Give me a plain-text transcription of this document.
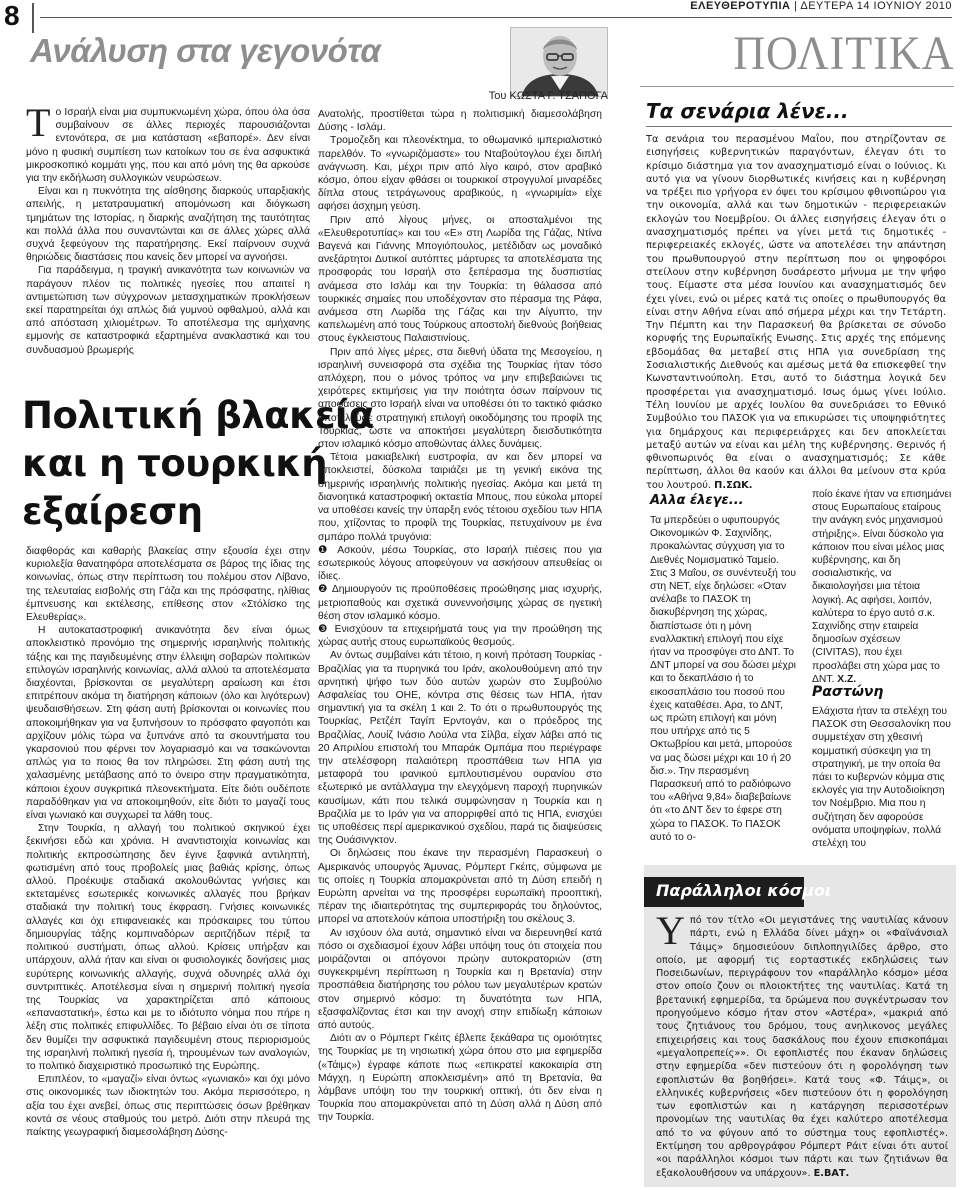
8	ΕΛΕΥΘΕΡΟΤΥΠΙΑ | ΔΕΥΤΕΡΑ 14 ΙΟΥΝΙΟΥ 2010
Ανάλυση στα γεγονότα	ΠΟΛΙΤΙΚΑ
Του ΚΩΣΤΑ Γ. ΤΣΑΠΟΓΑ
Τ ο Ισραήλ είναι μια συμπυκνωμένη χώρα, όπου όλα όσα συμβαίνουν σε άλλες περιοχές παρουσιάζονται εντονότερα, σε μια κατάσταση «εβαπορέ». Δεν είναι μόνο η φυσική συμπίεση των κατοίκων του σε ένα ασφυκτικά μικροσκοπικό κομμάτι γης, που και από μόνη της θα αρκούσε για την εκδήλωση συλλογικών νευρώσεων.

Είναι και η πυκνότητα της αίσθησης διαρκούς υπαρξιακής απειλής, η μετατραυματική απομόνωση και διόγκωση τμημάτων της Ιστορίας, η διαρκής αναζήτηση της ταυτότητας και πολλά άλλα που συναντώνται και σε άλλες χώρες αλλά συχνά ξεφεύγουν της παρατήρησης. Εκεί παίρνουν συχνά θηριώδεις διαστάσεις που κανείς δεν μπορεί να αγνοήσει.

Για παράδειγμα, η τραγική ανικανότητα των κοινωνιών να παράγουν πλέον τις πολιτικές ηγεσίες που απαιτεί η αντιμετώπιση των σύγχρονων μετασχηματικών προκλήσεων εκεί παρατηρείται όχι απλώς διά γυμνού οφθαλμού, αλλά και από απόσταση χιλιομέτρων. Το αποτέλεσμα της αμήχανης εμμονής σε καταστροφικά εξαρτημένα ανακλαστικά και του συνδυασμού βρωμερής

Πολιτική βλακεία
και η τουρκική
εξαίρεση

διαφθοράς και καθαρής βλακείας στην εξουσία έχει στην κυριολεξία θανατηφόρα αποτελέσματα σε βάρος της ίδιας της κοινωνίας, όπως στην περίπτωση του πολέμου στον Λίβανο, της τελευταίας εισβολής στη Γάζα και της πρόσφατης, ηλίθιας έμπνευσης και εκτέλεσης, επίθεσης στον «Στόλίσκο της Ελευθερίας».

Η αυτοκαταστροφική ανικανότητα δεν είναι όμως αποκλειστικό προνόμιο της σημερινής ισραηλινής πολιτικής τάξης και της παγιδευμένης στην έλλειψη σοβαρών πολιτικών επιλογών ισραηλινής κοινωνίας, αλλά αλλού τα αποτελέσματα διαχέονται, βρίσκονται σε μεγαλύτερη αραίωση και έτσι επιτρέπουν ακόμα τη διατήρηση κάποιων (όλο και λιγότερων) ψευδαισθήσεων. Στη φάση αυτή βρίσκονται οι κοινωνίες που αποκοιμήθηκαν για να ξυπνήσουν το πρόσφατο φαγοπότι και αρχίζουν μόλις τώρα να ξυπνάνε από τα σκουντήματα του γκαρσονιού που φέρνει τον λογαριασμό και να τσακώνονται απλώς για το ποιος θα τον πληρώσει. Στη φάση αυτή της χαλασμένης μετάβασης από το όνειρο στην πραγματικότητα, κάποιοι έχουν συγκριτικά πλεονεκτήματα. Είτε διότι ουδέποτε παραδόθηκαν για να αποκοιμηθούν, είτε διότι το μαγαζί τους είναι γωνιακό και συγχωρεί τα λάθη τους.

Στην Τουρκία, η αλλαγή του πολιτικού σκηνικού έχει ξεκινήσει εδώ και χρόνια. Η αναντιστοιχία κοινωνίας και πολιτικής εκπροσώπησης δεν έγινε ξαφνικά αντιληπτή, φωτισμένη από τους προβολείς μιας βαθιάς κρίσης, όπως αλλού. Προέκυψε σταδιακά ακολουθώντας γνήσιες και εκτεταμένες εσωτερικές κοινωνικές αλλαγές που βρήκαν σταδιακά την πολιτική τους έκφραση. Γνήσιες κοινωνικές αλλαγές και όχι επιφανειακές και πρόσκαιρες του τύπου δημιουργίας τάξης κομπιναδόρων αεριτζήδων πέριξ τα πολιτικού συστήματι, όπως αλλού. Κρίσεις υπήρξαν και υπάρχουν, αλλά ήταν και είναι οι φυσιολογικές δονήσεις μιας ευρύτερης κοινωνικής αλλαγής, συχνά οδυνηρές αλλά όχι συντριπτικές. Αποτέλεσμα είναι η σημερινή πολιτική ηγεσία της Τουρκίας να χαρακτηρίζεται από κάποιους «επαναστατική», έστω και με το ιδιότυπο νόημα που πήρε η λέξη στις πολιτικές επιφυλλίδες. Το βέβαιο είναι ότι σε τίποτα δεν θυμίζει την ασφυκτικά παγιδευμένη στους περιορισμούς της ισραηλινή πολιτική ηγεσία ή, τηρουμένων των αναλογιών, το πολιτικό διαχειριστικό προσωπικό της Ευρώπης.

Επιπλέον, το «μαγαζί» είναι όντως «γωνιακό» και όχι μόνο στις οικονομικές των ιδιοκτητών του. Ακόμα περισσότερο, η αξία του έχει ανεβεί, όπως στις περιπτώσεις όσων βρέθηκαν κοντά σε νέους σταθμούς του μετρό. Διότι στην πλευρά της παίκτης γεωγραφική διαμεσολάβηση Δύσης-

Ανατολής, προστίθεται τώρα η πολιτισμική διαμεσολάβηση Δύσης - Ισλάμ.

Τρομοζεδη και πλεονέκτημα, το οθωμανικό ιμπεριαλιστικό παρελθόν. Το «γνωριζόμαστε» του Νταβούτογλου έχει διπλή ανάγνωση. Και, μέχρι πριν από λίγο καιρό, στον αραβικό κόσμο, όπου είχαν φθάσει οι τουρκικοί στρογγυλοί μιναρέδες δίπλα στους τετράγωνους αραβικούς, η «γνωριμία» είχε αφήσει άσχημη γεύση.

Πριν από λίγους μήνες, οι αποσταλμένοι της «Ελευθεροτυπίας» και του «Ε» στη Λωρίδα της Γάζας, Ντίνα Βαγενά και Γιάννης Μπογιόπουλος, μετέδιδαν ως μοναδικό ανεξάρτητοι Δυτικοί αυτόπτες μάρτυρες τα αποτελέσματα της προσφοράς του Ισραήλ στο ξεπέρασμα της δυσπιστίας ανάμεσα στο Ισλάμ και την Τουρκία: τη θάλασσα από τουρκικές σημαίες που υποδέχονταν στο πέρασμα της Ράφα, ανάμεσα στη Λωρίδα της Γάζας και την Αίγυπτο, την καπελωμένη από τους Τούρκους αποστολή διεθνούς βοήθειας στους έγκλειστους Παλαιστινίους.

Πριν από λίγες μέρες, στα διεθνή ύδατα της Μεσογείου, η ισραηλινή συνεισφορά στα σχέδια της Τουρκίας ήταν τόσο απλόχερη, που ο μόνος τρόπος να μην επιβεβαιώνει τις χειρότερες εκτιμήσεις για την ποιότητα όσων παίρνουν τις αποφάσεις στο Ισραήλ είναι να υποθέσει ότι το τακτικό φιάσκο αποτελούσε στρατηγική επιλογή οικοδόμησης του προφίλ της Τουρκίας, ώστε να αποκτήσει μεγαλύτερη διεισδυτικότητα στον ισλαμικό κόσμο αποθώντας άλλες δυνάμεις.

Τέτοια μακιαβελική ευστροφία, αν και δεν μπορεί να αποκλειστεί, δύσκολα ταιριάζει με τη γενική εικόνα της σημερινής ισραηλινής πολιτικής ηγεσίας. Ακόμα και μετά τη διανοητικά καταστροφική οκταετία Μπους, που εύκολα μπορεί να υποθέσει κανείς την ύπαρξη ενός τέτοιου σχεδίου των ΗΠΑ που, χτίζοντας το προφίλ της Τουρκίας, πετυχαίνουν με ένα σμπάρο πολλά τρυγόνια:

❶ Ασκούν, μέσω Τουρκίας, στο Ισραήλ πιέσεις που για εσωτερικούς λόγους αποφεύγουν να ασκήσουν απευθείας οι ίδιες.

❷ Δημιουργούν τις προϋποθέσεις προώθησης μιας ισχυρής, μετριοπαθούς και σχετικά συνεννοήσιμης χώρας σε ηγετική θέση στον ισλαμικό κόσμο.

❸ Ενισχύουν τα επιχειρήματά τους για την προώθηση της χώρας αυτής στους ευρωπαϊκούς θεσμούς.

Αν όντως συμβαίνει κάτι τέτοιο, η κοινή πρόταση Τουρκίας - Βραζιλίας για τα πυρηνικά του Ιράν, ακολουθούμενη από την αρνητική ψήφο των δύο αυτών χωρών στο Συμβούλιο Ασφαλείας του ΟΗΕ, κόντρα στις θέσεις των ΗΠΑ, ήταν σημαντική για τα σκέλη 1 και 2. Το ότι ο πρωθυπουργός της Τουρκίας, Ρετζέπ Ταγίπ Ερντογάν, και ο πρόεδρος της Βραζιλίας, Λουίζ Ινάσιο Λούλα ντα Σίλβα, είχαν λάβει από τις 20 Απριλίου επιστολή του Μπαράκ Ομπάμα που περιέγραφε την ατελέσφορη παλαιότερη προσπάθεια των ΗΠΑ για μεταφορά του ιρανικού εμπλουτισμένου ουρανίου στο εξωτερικό με αντάλλαγμα την ελεγχόμενη παροχή πυρηνικών καυσίμων, κάτι που τελικά συμφώνησαν η Τουρκία και η Βραζιλία με το Ιράν για να απορριφθεί από τις ΗΠΑ, ενισχύει τις υποθέσεις περί αμερικανικού σχεδίου, παρά τις διαψεύσεις της Ουάσινγκτον.

Οι δηλώσεις που έκανε την περασμένη Παρασκευή ο Αμερικανός υπουργός Άμυνας, Ρόμπερτ Γκέιτς, σύμφωνα με τις οποίες η Τουρκία απομακρύνεται από τη Δύση επειδή η Ευρώπη αρνείται να της προσφέρει ευρωπαϊκή προοπτική, πέραν της ιδιαιτερότητας της συμπεριφοράς του δηλούντος, μπορεί να αποτελούν κάποια υποστήριξη του σκέλους 3.

Αν ισχύουν όλα αυτά, σημαντικό είναι να διερευνηθεί κατά πόσο οι σχεδιασμοί έχουν λάβει υπόψη τους ότι στοιχεία που μοιράζονται οι απόγονοι πρώην αυτοκρατοριών (στη συγκεκριμένη περίπτωση η Τουρκία και η Βρετανία) στην προσπάθεια διατήρησης του ρόλου των μεγαλυτέρων κρατών στον σημερινό κόσμο: τη δυνατότητα των ΗΠΑ, εξασφαλίζοντας έτσι και την ανοχή στην επιδίωξη κάποιων από αυτούς.

Διότι αν ο Ρόμπερτ Γκέιτς έβλεπε ξεκάθαρα τις ομοιότητες της Τουρκίας με τη νησιωτική χώρα όπου στο μια εφημερίδα («Τάιμς») έγραφε κάποτε πως «επικρατεί κακοκαιρία στη Μάγχη, η Ευρώπη αποκλεισμένη» από τη Βρετανία, θα λάμβανε υπόψη του την τουρκική οπτική, ότι δεν είναι η Τουρκία που απομακρύνεται από τη Δύση αλλά η Δύση από την Τουρκία.

Τα σενάρια λένε...
Τα σενάρια του περασμένου Μαΐου, που στηρίζονταν σε εισηγήσεις κυβερνητικών παραγόντων, έλεγαν ότι το κρίσιμο διάστημα για τον ανασχηματισμό είναι ο Ιούνιος. Κι αυτό για να γίνουν διορθωτικές κινήσεις και η κυβέρνηση να τρέξει πιο γρήγορα εν όψει του κρίσιμου φθινοπώρου για την οικονομία, αλλά και των δημοτικών - περιφερειακών εκλογών του Νοεμβρίου. Οι άλλες εισηγήσεις έλεγαν ότι ο ανασχηματισμός πρέπει να γίνει μετά τις δημοτικές - περιφερειακές εκλογές, ώστε να αποτελέσει την απάντηση του πρωθυπουργού στην περίπτωση που οι ψηφοφόροι στείλουν στην κυβέρνηση δυσάρεστο μήνυμα με την ψήφο τους. Είμαστε στα μέσα Ιουνίου και ανασχηματισμός δεν έχει γίνει, ενώ οι μέρες κατά τις οποίες ο πρωθυπουργός θα είναι στην Αθήνα είναι από σήμερα μέχρι και την Τετάρτη. Την Πέμπτη και την Παρασκευή θα βρίσκεται σε σύνοδο κορυφής της Ευρωπαϊκής Ενωσης. Στις αρχές της επόμενης εβδομάδας θα μεταβεί στις ΗΠΑ για συνεδρίαση της Σοσιαλιστικής Διεθνούς και αμέσως μετά θα επισκεφθεί την Κωνσταντινούπολη. Ετσι, αυτό το διάστημα λογικά δεν προσφέρεται για ανασχηματισμό. Ισως όμως γίνει Ιούλιο. Τέλη Ιουνίου με αρχές Ιουλίου θα συνεδριάσει το Εθνικό Συμβούλιο του ΠΑΣΟΚ για να επικυρώσει τις υποψηφιότητες για δημάρχους και περιφερειάρχες και δεν αποκλείεται μεταξύ αυτών να είναι και μέλη της κυβέρνησης. Θερινός ή φθινοπωρινός θα είναι ο ανασχηματισμός; Σε κάθε περίπτωση, άλλοι θα καούν και άλλοι θα μείνουν στα κρύα του λουτρού. Π.ΣΩΚ.
Αλλα έλεγε...
Τα μπερδεύει ο υφυπουργός Οικονομικών Φ. Σαχινίδης, προκαλώντας σύγχυση για το Διεθνές Νομισματικό Ταμείο. Στις 3 Μαΐου, σε συνέντευξή του στη ΝΕΤ, είχε δηλώσει: «Οταν ανέλαβε το ΠΑΣΟΚ τη διακυβέρνηση της χώρας, διαπίστωσε ότι η μόνη εναλλακτική επιλογή που είχε ήταν να προσφύγει στο ΔΝΤ. Το ΔΝΤ μπορεί να σου δώσει μέχρι και το δεκαπλάσιο ή το εικοσαπλάσιο του ποσού που έχεις καταθέσει. Αρα, το ΔΝΤ, ως πρώτη επιλογή και μόνη που υπήρχε από τις 5 Οκτωβρίου και μετά, μπορούσε να μας δώσει μέχρι και 10 ή 20 δισ.». Την περασμένη Παρασκευή από το ραδιόφωνο του «Αθήνα 9,84» διαβεβαίωνε ότι «το ΔΝΤ δεν το έφερε στη χώρα το ΠΑΣΟΚ. Το ΠΑΣΟΚ αυτό το ο-
ποίο έκανε ήταν να επισημάνει στους Ευρωπαίους εταίρους την ανάγκη ενός μηχανισμού στήριξης». Είναι δύσκολο για κάποιον που είναι μέλος μιας κυβέρνησης, και δη σοσιαλιστικής, να δικαιολογήσει μια τέτοια λογική. Ας αφήσει, λοιπόν, καλύτερα το έργο αυτό σ.κ. Σαχινίδης στην εταιρεία δημοσίων σχέσεων (CIVITAS), που έχει προσλάβει στη χώρα μας το ΔΝΤ. Χ.Ζ.
Ραστώνη
Ελάχιστα ήταν τα στελέχη του ΠΑΣΟΚ στη Θεσσαλονίκη που συμμετέχαν στη χθεσινή κομματική σύσκεψη για τη στρατηγική, με την οποία θα πάει το κυβερνών κόμμα στις εκλογές για την Αυτοδιοίκηση τον Νοέμβριο. Μια που η συζήτηση δεν αφορούσε ονόματα υποψηφίων, πολλά στελέχη του
Παράλληλοι κόσμοι
Υ πό τον τίτλο «Οι μεγιστάνες της ναυτιλίας κάνουν πάρτι, ενώ η Ελλάδα δίνει μάχη» οι «Φαϊνάνσιαλ Τάιμς» δημοσιεύουν διπλοπηγιλίδες άρθρο, στο οποίο, με αφορμή τις εορταστικές εκδηλώσεις των Ποσειδωνίων, περιγράφουν τον «παράλληλο κόσμο» μέσα στον οποίο ζουν οι πλοιοκτήτες της ναυτιλίας. Κατά τη βρετανική εφημερίδα, τα δρώμενα που συγκέντρωσαν τον προηγούμενο κόσμο ήταν στον «Αστέρα», «μακριά από τους ζητιάνους του δρόμου, τους ανηλικονος μεγάλες επιχειρήσεις και τους δασκάλους που έχουν επισκοπάμαι «μεγαλοπρεπείς»». Οι εφοπλιστές που έκαναν δηλώσεις στην εφημερίδα «δεν πιστεύουν ότι η φορολόγηση των εφοπλιστών θα βοηθήσει». Κατά τους «Φ. Τάιμς», οι ελληνικές κυβερνήσεις «δεν πιστεύουν ότι η φορολόγηση των εφοπλιστών και η κατάργηση περισσοτέρων προνομίων της ναυτιλίας θα έχει καλύτερο αποτέλεσμα από το να φύγουν από το σύστημα τους εφοπλιστές». Εκτίμηση του αρθρογράφου Ρόμπερτ Ράιτ είναι ότι αυτοί «οι παράλληλοι κόσμοι των πάρτι και των ζητιάνων θα εξακολουθήσουν να υπάρχουν». Ε.ΒΑΤ.
